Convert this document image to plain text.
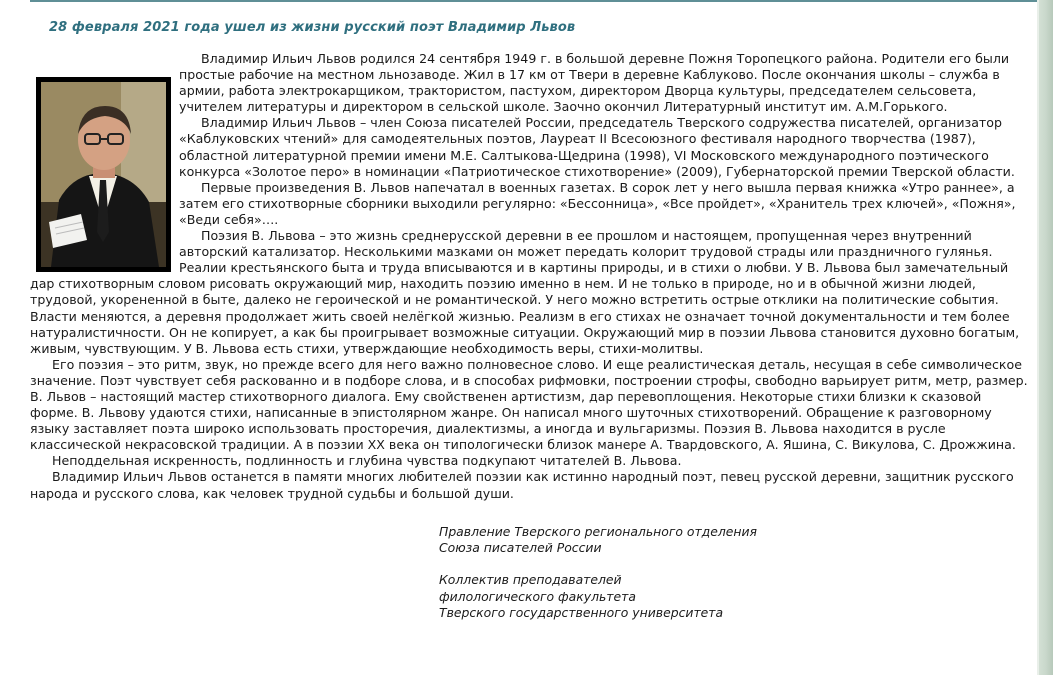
28 февраля 2021 года ушел из жизни русский поэт Владимир Львов

Владимир Ильич Львов родился 24 сентября 1949 г. в большой деревне Пожня Торопецкого района. Родители его были простые рабочие на местном льнозаводе. Жил в 17 км от Твери в деревне Каблуково. После окончания школы – служба в армии, работа электрокарщиком, трактористом, пастухом, директором Дворца культуры, председателем сельсовета, учителем литературы и директором в сельской школе. Заочно окончил Литературный институт им. А.М.Горького.

Владимир Ильич Львов – член Союза писателей России, председатель Тверского содружества писателей, организатор «Каблуковских чтений» для самодеятельных поэтов, Лауреат II Всесоюзного фестиваля народного творчества (1987), областной литературной премии имени М.Е. Салтыкова-Щедрина (1998), VI Московского международного поэтического конкурса «Золотое перо» в номинации «Патриотическое стихотворение» (2009), Губернаторской премии Тверской области.

Первые произведения В. Львов напечатал в военных газетах. В сорок лет у него вышла первая книжка «Утро раннее», а затем его стихотворные сборники выходили регулярно: «Бессонница», «Все пройдет», «Хранитель трех ключей», «Пожня», «Веди себя»….

Поэзия В. Львова – это жизнь среднерусской деревни в ее прошлом и настоящем, пропущенная через внутренний авторский катализатор. Несколькими мазками он может передать колорит трудовой страды или праздничного гулянья. Реалии крестьянского быта и труда вписываются и в картины природы, и в стихи о любви. У В. Львова был замечательный дар стихотворным словом рисовать окружающий мир, находить поэзию именно в нем. И не только в природе, но и в обычной жизни людей, трудовой, укорененной в быте, далеко не героической и не романтической. У него можно встретить острые отклики на политические события. Власти меняются, а деревня продолжает жить своей нелёгкой жизнью. Реализм в его стихах не означает точной документальности и тем более натуралистичности. Он не копирует, а как бы проигрывает возможные ситуации. Окружающий мир в поэзии Львова становится духовно богатым, живым, чувствующим. У В. Львова есть стихи, утверждающие необходимость веры, стихи-молитвы.

Его поэзия – это ритм, звук, но прежде всего для него важно полновесное слово. И еще реалистическая деталь, несущая в себе символическое значение. Поэт чувствует себя раскованно и в подборе слова, и в способах рифмовки, построении строфы, свободно варьирует ритм, метр, размер. В. Львов – настоящий мастер стихотворного диалога. Ему свойственен артистизм, дар перевоплощения. Некоторые стихи близки к сказовой форме. В. Львову удаются стихи, написанные в эпистолярном жанре. Он написал много шуточных стихотворений. Обращение к разговорному языку заставляет поэта широко использовать просторечия, диалектизмы, а иногда и вульгаризмы. Поэзия В. Львова находится в русле классической некрасовской традиции. А в поэзии XX века он типологически близок манере А. Твардовского, А. Яшина, С. Викулова, С. Дрожжина.

Неподдельная искренность, подлинность и глубина чувства подкупают читателей В. Львова.

Владимир Ильич Львов останется в памяти многих любителей поэзии как истинно народный поэт, певец русской деревни, защитник русского народа и русского слова, как человек трудной судьбы и большой души.

Правление Тверского регионального отделения

Союза писателей России

Коллектив преподавателей

филологического факультета

Тверского государственного университета
